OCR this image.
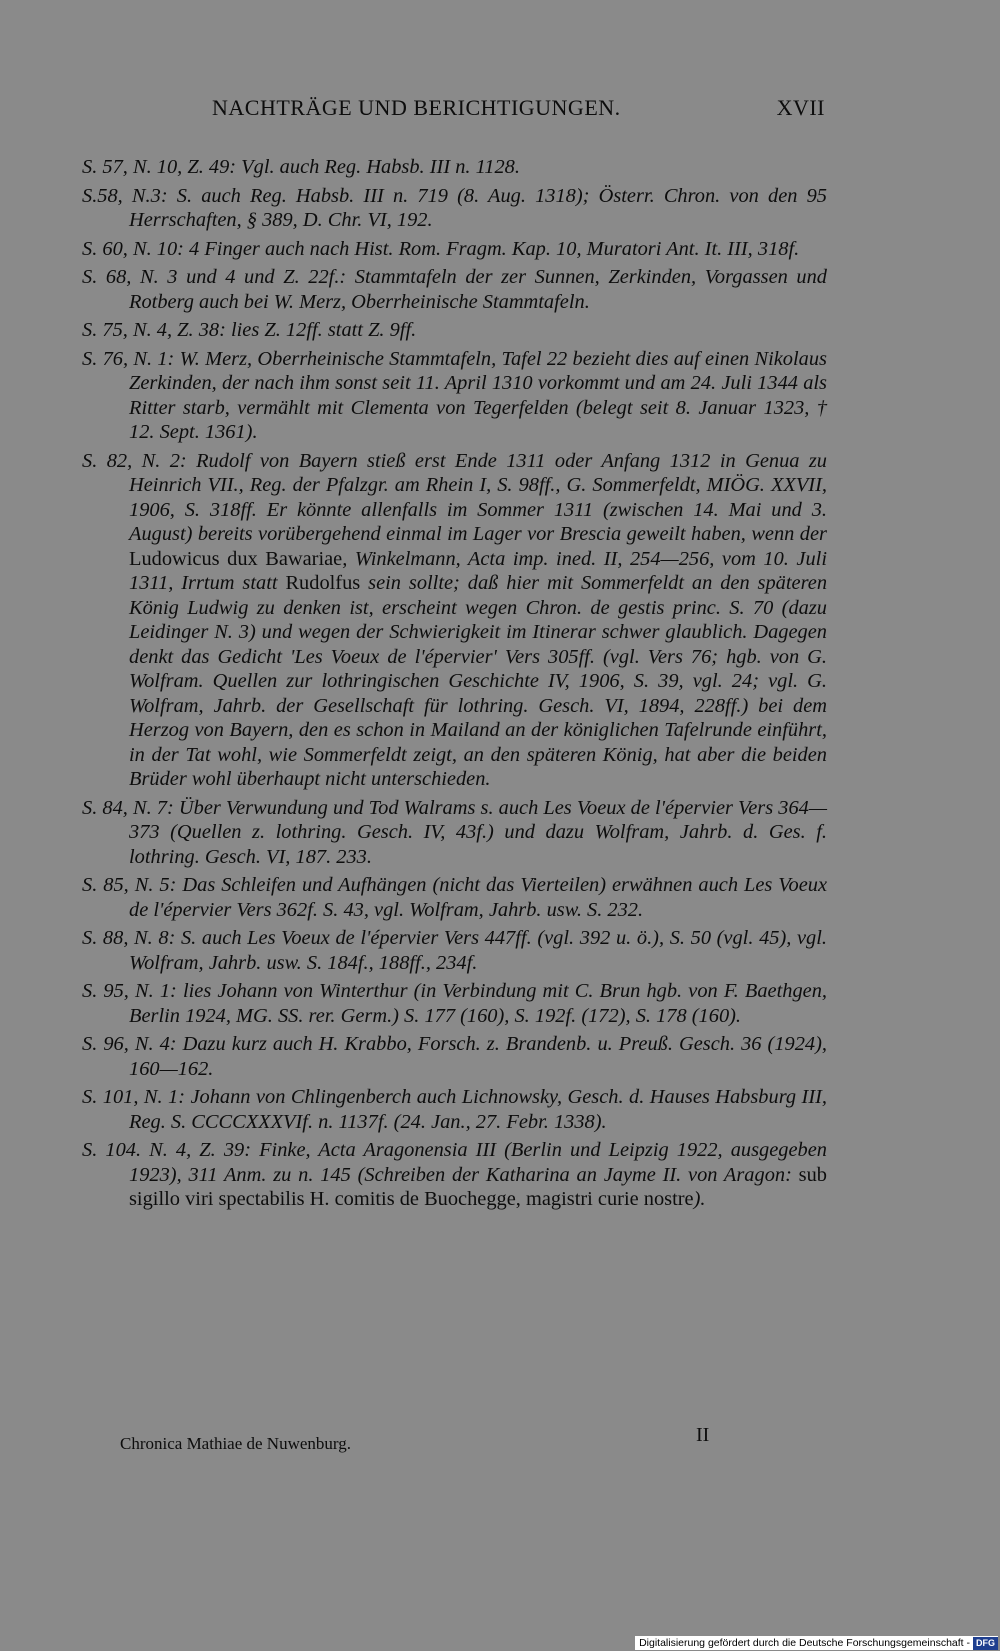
NACHTRÄGE UND BERICHTIGUNGEN.	XVII

S. 57, N. 10, Z. 49: Vgl. auch Reg. Habsb. III n. 1128.

S.58, N.3: S. auch Reg. Habsb. III n. 719 (8. Aug. 1318); Österr. Chron. von den 95 Herrschaften, § 389, D. Chr. VI, 192.

S. 60, N. 10: 4 Finger auch nach Hist. Rom. Fragm. Kap. 10, Muratori Ant. It. III, 318f.

S. 68, N. 3 und 4 und Z. 22f.: Stammtafeln der zer Sunnen, Zerkinden, Vorgassen und Rotberg auch bei W. Merz, Oberrheinische Stammtafeln.

S. 75, N. 4, Z. 38: lies Z. 12ff. statt Z. 9ff.

S. 76, N. 1: W. Merz, Oberrheinische Stammtafeln, Tafel 22 bezieht dies auf einen Nikolaus Zerkinden, der nach ihm sonst seit 11. April 1310 vorkommt und am 24. Juli 1344 als Ritter starb, vermählt mit Clementa von Tegerfelden (belegt seit 8. Januar 1323, † 12. Sept. 1361).

S. 82, N. 2: Rudolf von Bayern stieß erst Ende 1311 oder Anfang 1312 in Genua zu Heinrich VII., Reg. der Pfalzgr. am Rhein I, S. 98ff., G. Sommerfeldt, MIÖG. XXVII, 1906, S. 318ff. Er könnte allenfalls im Sommer 1311 (zwischen 14. Mai und 3. August) bereits vorübergehend einmal im Lager vor Brescia geweilt haben, wenn der Ludowicus dux Bawariae, Winkelmann, Acta imp. ined. II, 254—256, vom 10. Juli 1311, Irrtum statt Rudolfus sein sollte; daß hier mit Sommerfeldt an den späteren König Ludwig zu denken ist, erscheint wegen Chron. de gestis princ. S. 70 (dazu Leidinger N. 3) und wegen der Schwierigkeit im Itinerar schwer glaublich. Dagegen denkt das Gedicht 'Les Voeux de l'épervier' Vers 305ff. (vgl. Vers 76; hgb. von G. Wolfram. Quellen zur lothringischen Geschichte IV, 1906, S. 39, vgl. 24; vgl. G. Wolfram, Jahrb. der Gesellschaft für lothring. Gesch. VI, 1894, 228ff.) bei dem Herzog von Bayern, den es schon in Mailand an der königlichen Tafelrunde einführt, in der Tat wohl, wie Sommerfeldt zeigt, an den späteren König, hat aber die beiden Brüder wohl überhaupt nicht unterschieden.

S. 84, N. 7: Über Verwundung und Tod Walrams s. auch Les Voeux de l'épervier Vers 364—373 (Quellen z. lothring. Gesch. IV, 43f.) und dazu Wolfram, Jahrb. d. Ges. f. lothring. Gesch. VI, 187. 233.

S. 85, N. 5: Das Schleifen und Aufhängen (nicht das Vierteilen) erwähnen auch Les Voeux de l'épervier Vers 362f. S. 43, vgl. Wolfram, Jahrb. usw. S. 232.

S. 88, N. 8: S. auch Les Voeux de l'épervier Vers 447ff. (vgl. 392 u. ö.), S. 50 (vgl. 45), vgl. Wolfram, Jahrb. usw. S. 184f., 188ff., 234f.

S. 95, N. 1: lies Johann von Winterthur (in Verbindung mit C. Brun hgb. von F. Baethgen, Berlin 1924, MG. SS. rer. Germ.) S. 177 (160), S. 192f. (172), S. 178 (160).

S. 96, N. 4: Dazu kurz auch H. Krabbo, Forsch. z. Brandenb. u. Preuß. Gesch. 36 (1924), 160—162.

S. 101, N. 1: Johann von Chlingenberch auch Lichnowsky, Gesch. d. Hauses Habsburg III, Reg. S. CCCCXXXVIf. n. 1137f. (24. Jan., 27. Febr. 1338).

S. 104. N. 4, Z. 39: Finke, Acta Aragonensia III (Berlin und Leipzig 1922, ausgegeben 1923), 311 Anm. zu n. 145 (Schreiben der Katharina an Jayme II. von Aragon: sub sigillo viri spectabilis H. comitis de Buochegge, magistri curie nostre).

Chronica Mathiae de Nuwenburg.	II
Digitalisierung gefördert durch die Deutsche Forschungsgemeinschaft - DFG
